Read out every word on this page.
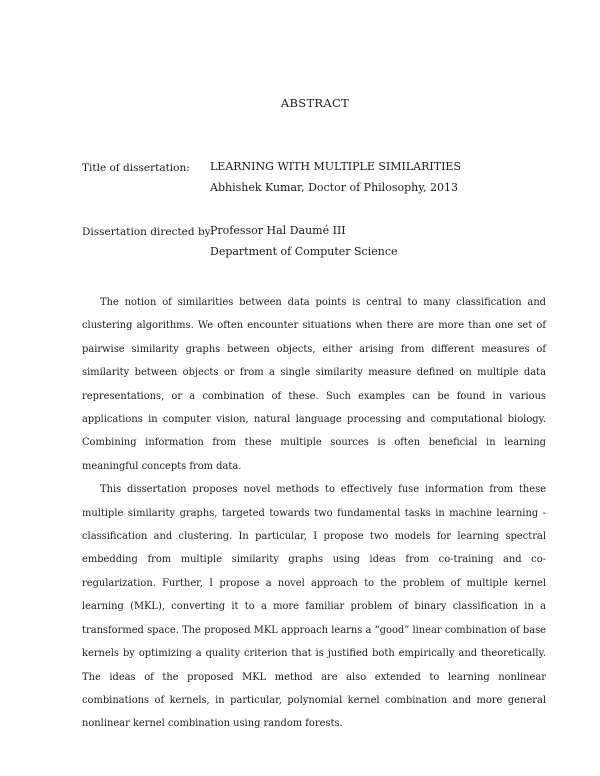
ABSTRACT
Title of dissertation: LEARNING WITH MULTIPLE SIMILARITIES
Abhishek Kumar, Doctor of Philosophy, 2013
Dissertation directed by:
Professor Hal Daumé III
Department of Computer Science

The notion of similarities between data points is central to many classification and clustering algorithms. We often encounter situations when there are more than one set of pairwise similarity graphs between objects, either arising from different measures of similarity between objects or from a single similarity measure defined on multiple data representations, or a combination of these. Such examples can be found in various applications in computer vision, natural language processing and computational biology. Combining information from these multiple sources is often beneficial in learning meaningful concepts from data.

This dissertation proposes novel methods to effectively fuse information from these multiple similarity graphs, targeted towards two fundamental tasks in machine learning - classification and clustering. In particular, I propose two models for learning spectral embedding from multiple similarity graphs using ideas from co-training and co-regularization. Further, I propose a novel approach to the problem of multiple kernel learning (MKL), converting it to a more familiar problem of binary classification in a transformed space. The proposed MKL approach learns a “good” linear combination of base kernels by optimizing a quality criterion that is justified both empirically and theoretically. The ideas of the proposed MKL method are also extended to learning nonlinear combinations of kernels, in particular, polynomial kernel combination and more general nonlinear kernel combination using random forests.
